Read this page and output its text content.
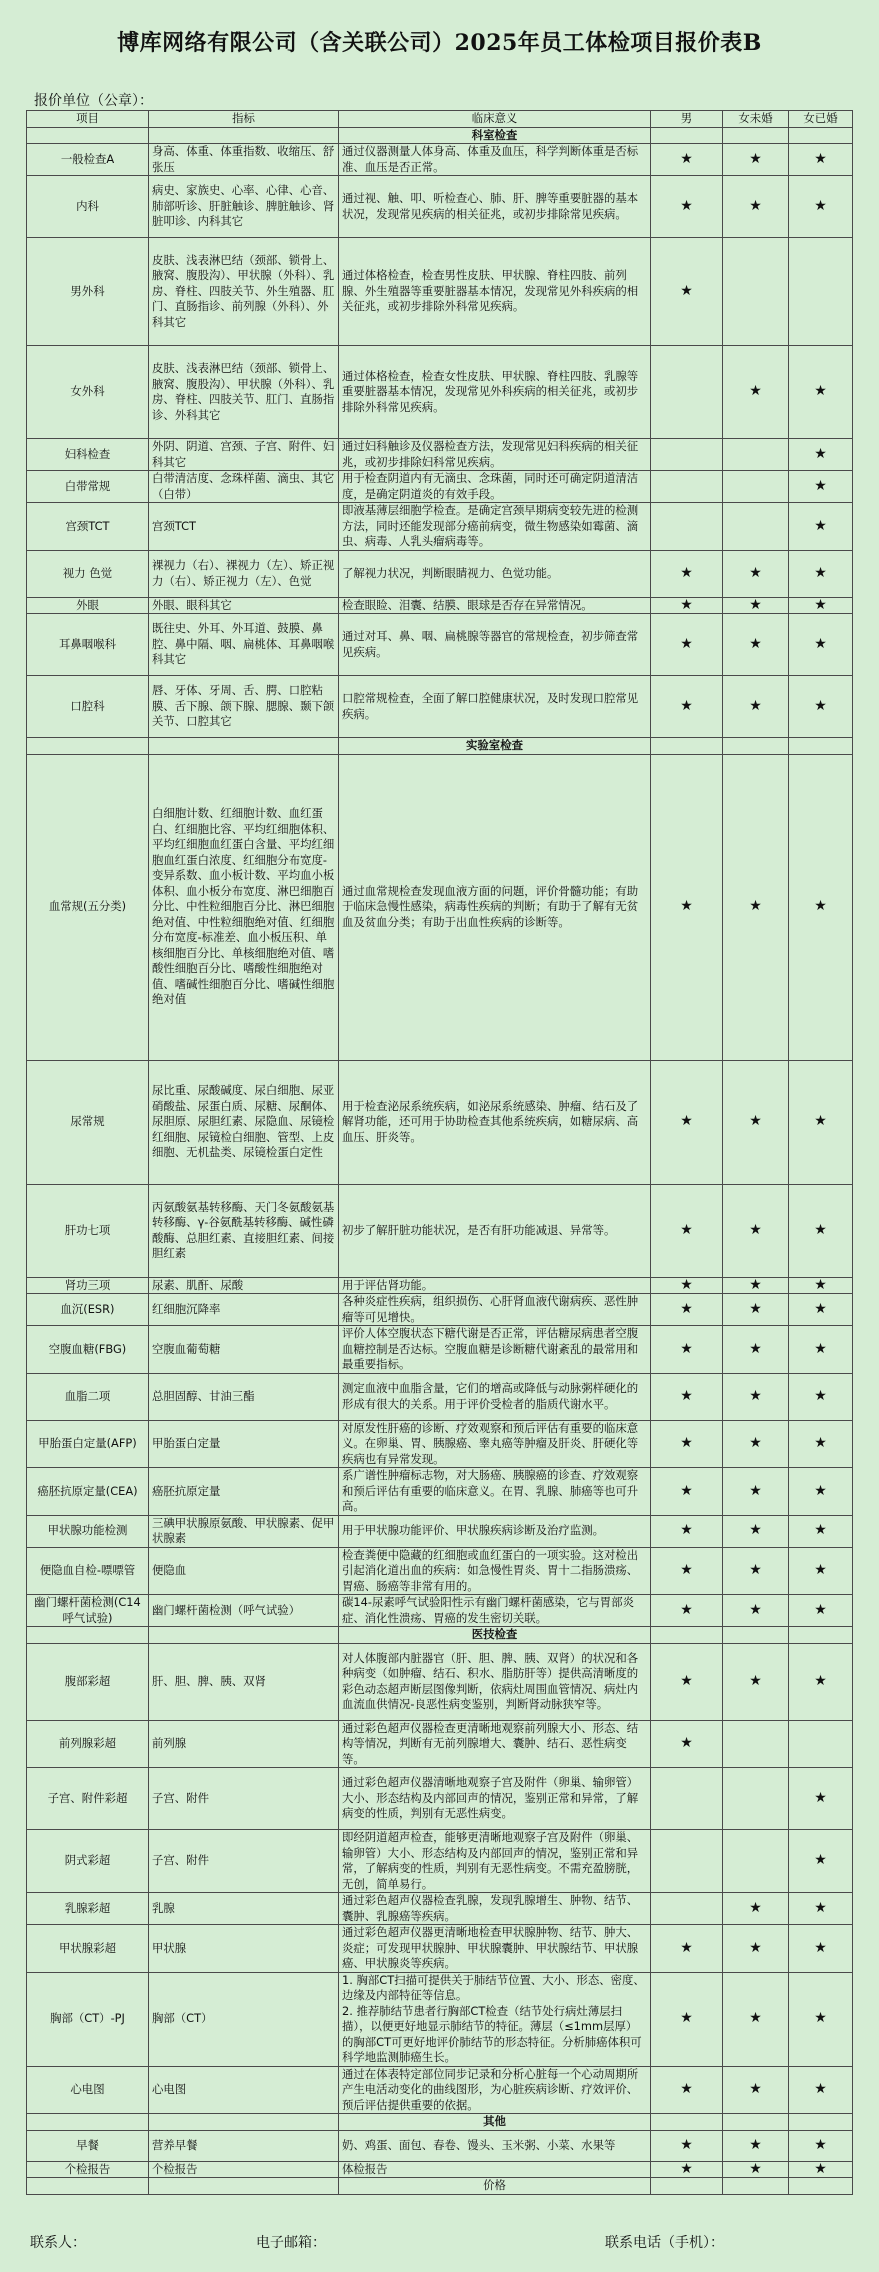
博库网络有限公司（含关联公司）2025年员工体检项目报价表B
报价单位（公章）：
项目	指标	临床意义	男	女未婚	女已婚
		科室检查			
一般检查A	身高、体重、体重指数、收缩压、舒张压	通过仪器测量人体身高、体重及血压，科学判断体重是否标准、血压是否正常。	★	★	★
内科	病史、家族史、心率、心律、心音、肺部听诊、肝脏触诊、脾脏触诊、肾脏叩诊、内科其它	通过视、触、叩、听检查心、肺、肝、脾等重要脏器的基本状况，发现常见疾病的相关征兆，或初步排除常见疾病。	★	★	★
男外科	皮肤、浅表淋巴结（颈部、锁骨上、腋窝、腹股沟）、甲状腺（外科）、乳房、脊柱、四肢关节、外生殖器、肛门、直肠指诊、前列腺（外科）、外科其它	通过体格检查，检查男性皮肤、甲状腺、脊柱四肢、前列腺、外生殖器等重要脏器基本情况，发现常见外科疾病的相关征兆，或初步排除外科常见疾病。	★		
女外科	皮肤、浅表淋巴结（颈部、锁骨上、腋窝、腹股沟）、甲状腺（外科）、乳房、脊柱、四肢关节、肛门、直肠指诊、外科其它	通过体格检查，检查女性皮肤、甲状腺、脊柱四肢、乳腺等重要脏器基本情况，发现常见外科疾病的相关征兆，或初步排除外科常见疾病。		★	★
妇科检查	外阴、阴道、宫颈、子宫、附件、妇科其它	通过妇科触诊及仪器检查方法，发现常见妇科疾病的相关征兆，或初步排除妇科常见疾病。			★
白带常规	白带清洁度、念珠样菌、滴虫、其它（白带）	用于检查阴道内有无滴虫、念珠菌，同时还可确定阴道清洁度，是确定阴道炎的有效手段。			★
宫颈TCT	宫颈TCT	即液基薄层细胞学检查。是确定宫颈早期病变较先进的检测方法，同时还能发现部分癌前病变，微生物感染如霉菌、滴虫、病毒、人乳头瘤病毒等。			★
视力 色觉	裸视力（右）、裸视力（左）、矫正视力（右）、矫正视力（左）、色觉	了解视力状况，判断眼睛视力、色觉功能。	★	★	★
外眼	外眼、眼科其它	检查眼睑、泪囊、结膜、眼球是否存在异常情况。	★	★	★
耳鼻咽喉科	既往史、外耳、外耳道、鼓膜、鼻腔、鼻中隔、咽、扁桃体、耳鼻咽喉科其它	通过对耳、鼻、咽、扁桃腺等器官的常规检查，初步筛查常见疾病。	★	★	★
口腔科	唇、牙体、牙周、舌、腭、口腔粘膜、舌下腺、颌下腺、腮腺、颞下颌关节、口腔其它	口腔常规检查，全面了解口腔健康状况，及时发现口腔常见疾病。	★	★	★
		实验室检查			
血常规(五分类)	白细胞计数、红细胞计数、血红蛋白、红细胞比容、平均红细胞体积、平均红细胞血红蛋白含量、平均红细胞血红蛋白浓度、红细胞分布宽度-变异系数、血小板计数、平均血小板体积、血小板分布宽度、淋巴细胞百分比、中性粒细胞百分比、淋巴细胞绝对值、中性粒细胞绝对值、红细胞分布宽度-标准差、血小板压积、单核细胞百分比、单核细胞绝对值、嗜酸性细胞百分比、嗜酸性细胞绝对值、嗜碱性细胞百分比、嗜碱性细胞绝对值	通过血常规检查发现血液方面的问题，评价骨髓功能；有助于临床急慢性感染，病毒性疾病的判断；有助于了解有无贫血及贫血分类；有助于出血性疾病的诊断等。	★	★	★
尿常规	尿比重、尿酸碱度、尿白细胞、尿亚硝酸盐、尿蛋白质、尿糖、尿酮体、尿胆原、尿胆红素、尿隐血、尿镜检红细胞、尿镜检白细胞、管型、上皮细胞、无机盐类、尿镜检蛋白定性	用于检查泌尿系统疾病，如泌尿系统感染、肿瘤、结石及了解肾功能，还可用于协助检查其他系统疾病，如糖尿病、高血压、肝炎等。	★	★	★
肝功七项	丙氨酸氨基转移酶、天门冬氨酸氨基转移酶、γ-谷氨酰基转移酶、碱性磷酸酶、总胆红素、直接胆红素、间接胆红素	初步了解肝脏功能状况，是否有肝功能减退、异常等。	★	★	★
肾功三项	尿素、肌酐、尿酸	用于评估肾功能。	★	★	★
血沉(ESR)	红细胞沉降率	各种炎症性疾病，组织损伤、心肝肾血液代谢病疾、恶性肿瘤等可见增快。	★	★	★
空腹血糖(FBG)	空腹血葡萄糖	评价人体空腹状态下糖代谢是否正常，评估糖尿病患者空腹血糖控制是否达标。空腹血糖是诊断糖代谢紊乱的最常用和最重要指标。	★	★	★
血脂二项	总胆固醇、甘油三酯	测定血液中血脂含量，它们的增高或降低与动脉粥样硬化的形成有很大的关系。用于评价受检者的脂质代谢水平。	★	★	★
甲胎蛋白定量(AFP)	甲胎蛋白定量	对原发性肝癌的诊断、疗效观察和预后评估有重要的临床意义。在卵巢、胃、胰腺癌、睾丸癌等肿瘤及肝炎、肝硬化等疾病也有异常发现。	★	★	★
癌胚抗原定量(CEA)	癌胚抗原定量	系广谱性肿瘤标志物，对大肠癌、胰腺癌的诊查、疗效观察和预后评估有重要的临床意义。在胃、乳腺、肺癌等也可升高。	★	★	★
甲状腺功能检测	三碘甲状腺原氨酸、甲状腺素、促甲状腺素	用于甲状腺功能评价、甲状腺疾病诊断及治疗监测。	★	★	★
便隐血自检-嘌嘌管	便隐血	检查粪便中隐藏的红细胞或血红蛋白的一项实验。这对检出引起消化道出血的疾病：如急慢性胃炎、胃十二指肠溃疡、胃癌、肠癌等非常有用的。	★	★	★
幽门螺杆菌检测(C14呼气试验)	幽门螺杆菌检测（呼气试验）	碳14-尿素呼气试验阳性示有幽门螺杆菌感染，它与胃部炎症、消化性溃疡、胃癌的发生密切关联。	★	★	★
		医技检查			
腹部彩超	肝、胆、脾、胰、双肾	对人体腹部内脏器官（肝、胆、脾、胰、双肾）的状况和各种病变（如肿瘤、结石、积水、脂肪肝等）提供高清晰度的彩色动态超声断层图像判断，依病灶周围血管情况、病灶内血流血供情况-良恶性病变鉴别，判断肾动脉狭窄等。	★	★	★
前列腺彩超	前列腺	通过彩色超声仪器检查更清晰地观察前列腺大小、形态、结构等情况，判断有无前列腺增大、囊肿、结石、恶性病变等。	★		
子宫、附件彩超	子宫、附件	通过彩色超声仪器清晰地观察子宫及附件（卵巢、输卵管）大小、形态结构及内部回声的情况，鉴别正常和异常，了解病变的性质，判别有无恶性病变。			★
阴式彩超	子宫、附件	即经阴道超声检查，能够更清晰地观察子宫及附件（卵巢、输卵管）大小、形态结构及内部回声的情况，鉴别正常和异常，了解病变的性质，判别有无恶性病变。不需充盈膀胱，无创，简单易行。			★
乳腺彩超	乳腺	通过彩色超声仪器检查乳腺，发现乳腺增生、肿物、结节、囊肿、乳腺癌等疾病。		★	★
甲状腺彩超	甲状腺	通过彩色超声仪器更清晰地检查甲状腺肿物、结节、肿大、炎症；可发现甲状腺肿、甲状腺囊肿、甲状腺结节、甲状腺癌、甲状腺炎等疾病。	★	★	★
胸部（CT）-PJ	胸部（CT）	1. 胸部CT扫描可提供关于肺结节位置、大小、形态、密度、边缘及内部特征等信息。
2. 推荐肺结节患者行胸部CT检查（结节处行病灶薄层扫描），以便更好地显示肺结节的特征。薄层（≤1mm层厚）的胸部CT可更好地评价肺结节的形态特征。分析肺癌体积可科学地监测肺癌生长。	★	★	★
心电图	心电图	通过在体表特定部位同步记录和分析心脏每一个心动周期所产生电活动变化的曲线图形，为心脏疾病诊断、疗效评价、预后评估提供重要的依据。	★	★	★
		其他			
早餐	营养早餐	奶、鸡蛋、面包、春卷、馒头、玉米粥、小菜、水果等	★	★	★
个检报告	个检报告	体检报告	★	★	★
		价格			
联系人：	电子邮箱：	联系电话（手机）：
